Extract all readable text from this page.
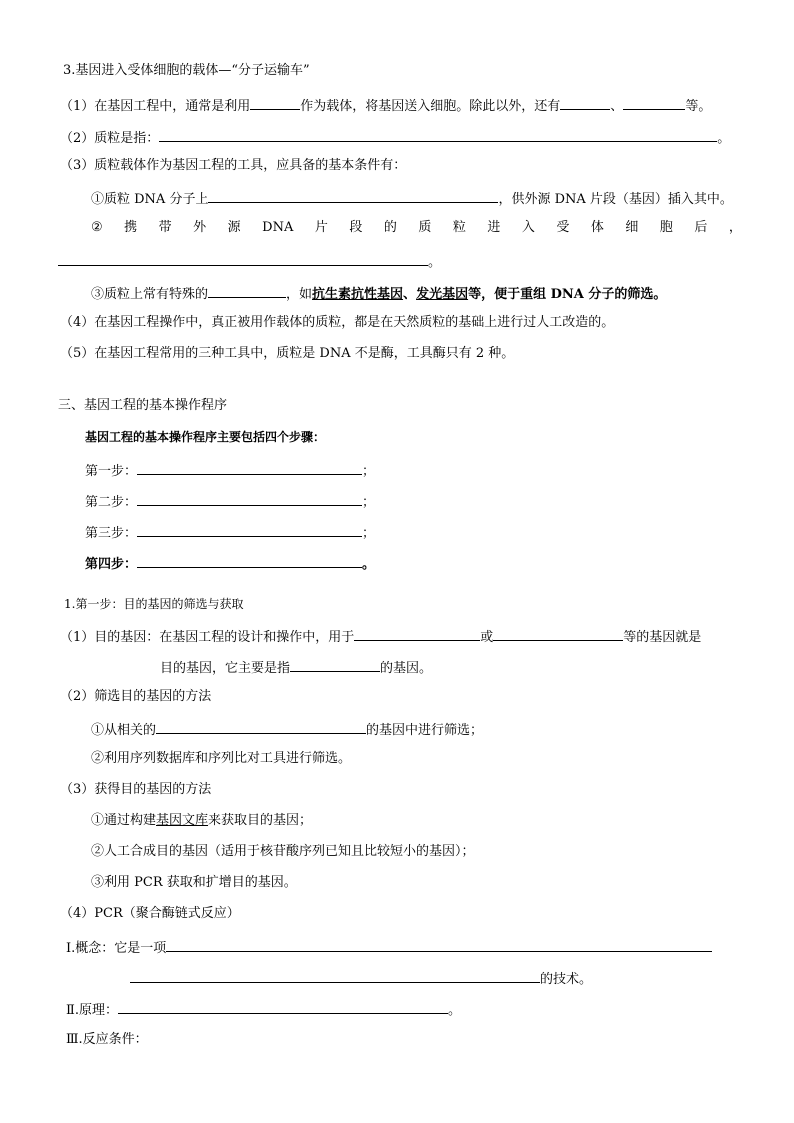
3.基因进入受体细胞的载体—“分子运输车”
（1）在基因工程中，通常是利用	作为载体，将基因送入细胞。除此以外，还有	、	等。
（2）质粒是指：	。
（3）质粒载体作为基因工程的工具，应具备的基本条件有：
①质粒 DNA 分子上	，供外源 DNA 片段（基因）插入其中。
② 携 带 外 源 DNA 片 段 的 质 粒 进 入 受 体 细 胞 后 ，
。
③质粒上常有特殊的	，如抗生素抗性基因、发光基因等，便于重组 DNA 分子的筛选。
（4）在基因工程操作中，真正被用作载体的质粒，都是在天然质粒的基础上进行过人工改造的。
（5）在基因工程常用的三种工具中，质粒是 DNA 不是酶，工具酶只有 2 种。
三、基因工程的基本操作程序
基因工程的基本操作程序主要包括四个步骤：
第一步：	；
第二步：	；
第三步：	；
第四步：	。
1.第一步：目的基因的筛选与获取
（1）目的基因：在基因工程的设计和操作中，用于	或	等的基因就是
目的基因，它主要是指	的基因。
（2）筛选目的基因的方法
①从相关的	的基因中进行筛选；
②利用序列数据库和序列比对工具进行筛选。
（3）获得目的基因的方法
①通过构建基因文库来获取目的基因；
②人工合成目的基因（适用于核苷酸序列已知且比较短小的基因）；
③利用 PCR 获取和扩增目的基因。
（4）PCR（聚合酶链式反应）
Ⅰ.概念：它是一项
的技术。
Ⅱ.原理：	。
Ⅲ.反应条件：
